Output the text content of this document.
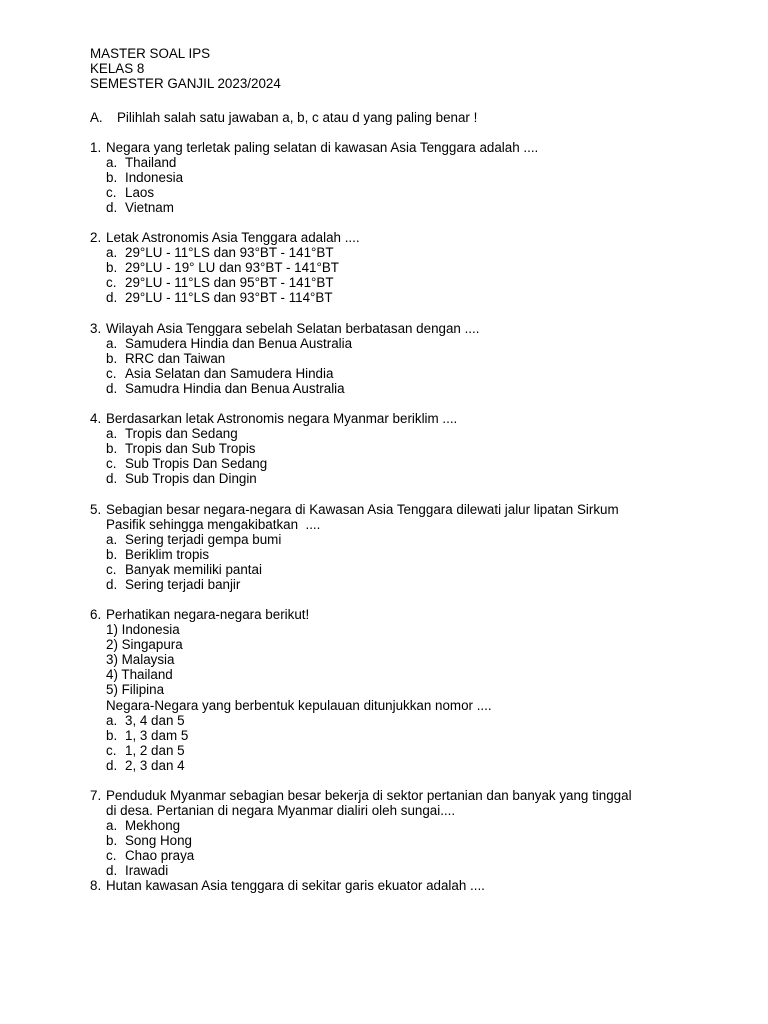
MASTER SOAL IPS
KELAS 8
SEMESTER GANJIL 2023/2024
A. Pilihlah salah satu jawaban a, b, c atau d yang paling benar !
1. Negara yang terletak paling selatan di kawasan Asia Tenggara adalah ....
a. Thailand
b. Indonesia
c. Laos
d. Vietnam
2. Letak Astronomis Asia Tenggara adalah ....
a. 29°LU - 11°LS dan 93°BT - 141°BT
b. 29°LU - 19° LU dan 93°BT - 141°BT
c. 29°LU - 11°LS dan 95°BT - 141°BT
d. 29°LU - 11°LS dan 93°BT - 114°BT
3. Wilayah Asia Tenggara sebelah Selatan berbatasan dengan ....
a. Samudera Hindia dan Benua Australia
b. RRC dan Taiwan
c. Asia Selatan dan Samudera Hindia
d. Samudra Hindia dan Benua Australia
4. Berdasarkan letak Astronomis negara Myanmar beriklim ....
a. Tropis dan Sedang
b. Tropis dan Sub Tropis
c. Sub Tropis Dan Sedang
d. Sub Tropis dan Dingin
5. Sebagian besar negara-negara di Kawasan Asia Tenggara dilewati jalur lipatan Sirkum
Pasifik sehingga mengakibatkan  ....
a. Sering terjadi gempa bumi
b. Beriklim tropis
c. Banyak memiliki pantai
d. Sering terjadi banjir
6. Perhatikan negara-negara berikut!
1) Indonesia
2) Singapura
3) Malaysia
4) Thailand
5) Filipina
Negara-Negara yang berbentuk kepulauan ditunjukkan nomor ....
a. 3, 4 dan 5
b. 1, 3 dam 5
c. 1, 2 dan 5
d. 2, 3 dan 4
7. Penduduk Myanmar sebagian besar bekerja di sektor pertanian dan banyak yang tinggal
di desa. Pertanian di negara Myanmar dialiri oleh sungai....
a. Mekhong
b. Song Hong
c. Chao praya
d. Irawadi
8. Hutan kawasan Asia tenggara di sekitar garis ekuator adalah ....
